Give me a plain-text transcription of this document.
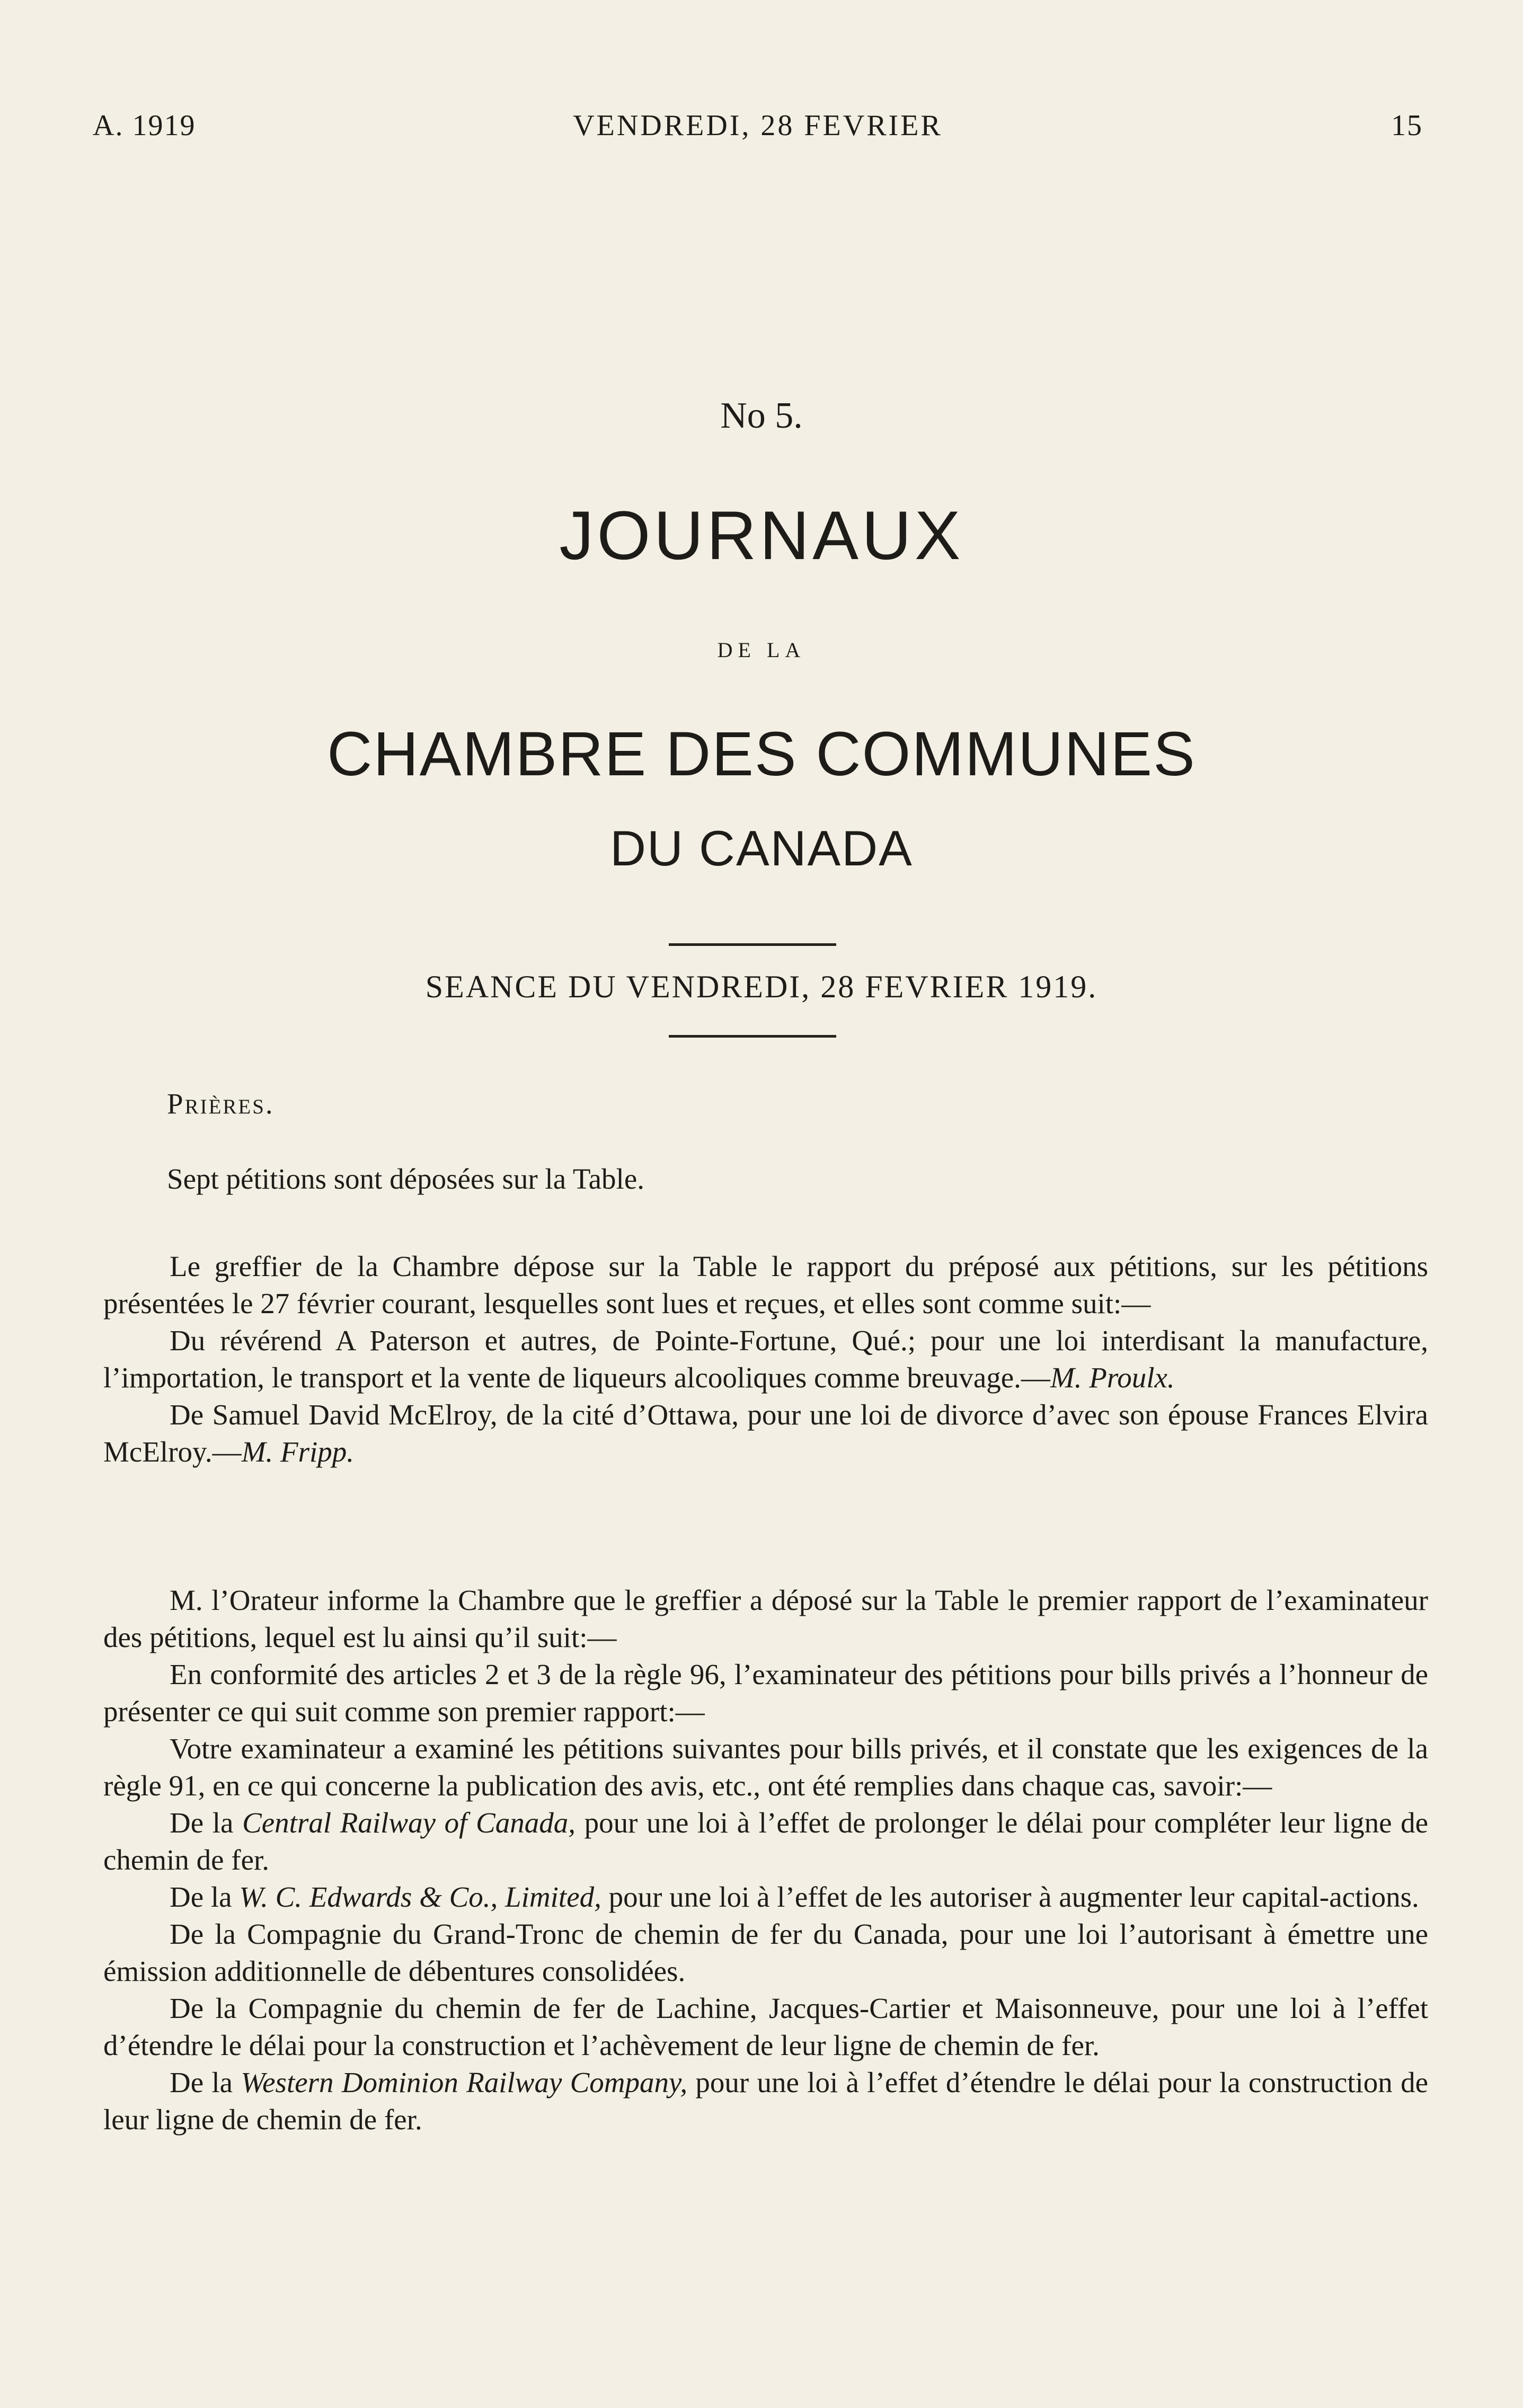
A. 1919	VENDREDI, 28 FEVRIER	15
No 5.
JOURNAUX
DE LA
CHAMBRE DES COMMUNES
DU CANADA
SEANCE DU VENDREDI, 28 FEVRIER 1919.
Prières.
Sept pétitions sont déposées sur la Table.

Le greffier de la Chambre dépose sur la Table le rapport du préposé aux pétitions, sur les pétitions présentées le 27 février courant, lesquelles sont lues et reçues, et elles sont comme suit:—

Du révérend A Paterson et autres, de Pointe-Fortune, Qué.; pour une loi interdisant la manufacture, l’importation, le transport et la vente de liqueurs alcooliques comme breuvage.—M. Proulx.

De Samuel David McElroy, de la cité d’Ottawa, pour une loi de divorce d’avec son épouse Frances Elvira McElroy.—M. Fripp.

M. l’Orateur informe la Chambre que le greffier a déposé sur la Table le premier rapport de l’examinateur des pétitions, lequel est lu ainsi qu’il suit:—

En conformité des articles 2 et 3 de la règle 96, l’examinateur des pétitions pour bills privés a l’honneur de présenter ce qui suit comme son premier rapport:—

Votre examinateur a examiné les pétitions suivantes pour bills privés, et il constate que les exigences de la règle 91, en ce qui concerne la publication des avis, etc., ont été remplies dans chaque cas, savoir:—

De la Central Railway of Canada, pour une loi à l’effet de prolonger le délai pour compléter leur ligne de chemin de fer.

De la W. C. Edwards & Co., Limited, pour une loi à l’effet de les autoriser à augmenter leur capital-actions.

De la Compagnie du Grand-Tronc de chemin de fer du Canada, pour une loi l’autorisant à émettre une émission additionnelle de débentures consolidées.

De la Compagnie du chemin de fer de Lachine, Jacques-Cartier et Maisonneuve, pour une loi à l’effet d’étendre le délai pour la construction et l’achèvement de leur ligne de chemin de fer.

De la Western Dominion Railway Company, pour une loi à l’effet d’étendre le délai pour la construction de leur ligne de chemin de fer.
